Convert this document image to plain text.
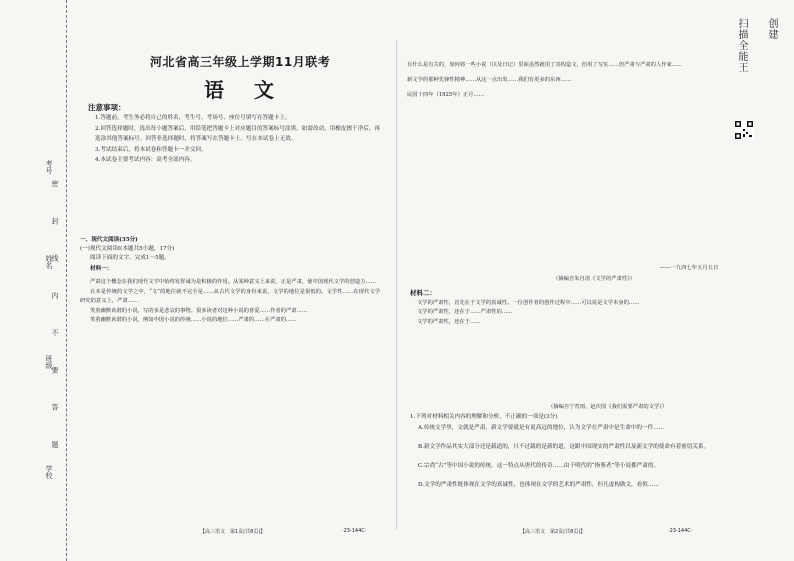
考号
姓名
班级
学校
密 封 线 内 不 要 答 题
河北省高三年级上学期11月联考
语文
注意事项：
1.答题前，考生务必将自己的姓名、考生号、考场号、座位号填写在答题卡上。
2.回答选择题时，选出每小题答案后，用铅笔把答题卡上对应题目的答案标号涂黑。如需改动，用橡皮擦干净后，再选涂其他答案标号。回答非选择题时，将答案写在答题卡上。写在本试卷上无效。
3.考试结束后，将本试卷和答题卡一并交回。
4.本试卷主要考试内容：高考全部内容。
一、现代文阅读(35分)
(一)现代文阅读Ⅰ(本题共5小题，17分)
阅读下面的文字，完成1～5题。
材料一：

严肃这个概念在我们现代文学中始终发挥诫为是积极的作用。从某种意义上来说，正是严肃，使中国现代文学的创造力……

在本是传统的文学之中，“文”的地位就不完全是……从古代文学的身份来说，文学的地位是很低的。文学性……在现代文学研究的意义上，严肃……

笑着幽默诙谐的小说，写的多是悲哀的事物。很多读者对这种小说的喜爱……作者的严肃……

笑着幽默诙谐的小说，例如中国小说的传统……小说的地位……严肃的……在严肃的……

有什么是有关的，如何将一些小说（以及日记）里面虽然就用了其构造文，但用了写实……但严肃与严肃的人作家……

新文学的那种先锋性精神……从这一点出发……我们有更多的东西……

民国十四年（1925年）正月……

——一九四七年五月五日
（摘编自朱自清《文学的严肃性》）
材料二：

文学的严肃性，首先在于文学的真诚性。一位创作者的创作过程中……可以说是文学本身的……

文学的严肃性，还在于……严肃性的……

文学的严肃性，还在于……

（摘编自宁育雨、赵庆国《我们需要严肃的文学》）
1.下列对材料相关内容的理解和分析，不正确的一项是(3分)
A.传统文学里，文就是严肃，新文学要就是有更高远的地位，认为文学在严肃中是生命中的一件……
B.新文学作品其实大部分还是载道的，只不过载的是新的道，这跟中国现实的严肃性以及新文学的使命有着密切关系。
C.宗尚“古”等中国小说的传统，这一特点从唐代的传奇……由于明代的“指鉴者”等小说都严肃的。
D.文学的严肃性既体现在文学的真诚性，也体现在文学的艺术的严肃性，但凡虚构做文，看似……
【高三语文　第1页(共8页)】	·23-144C·	【高三语文　第2页(共8页)】	·23-144C·
扫描全能王 创建
